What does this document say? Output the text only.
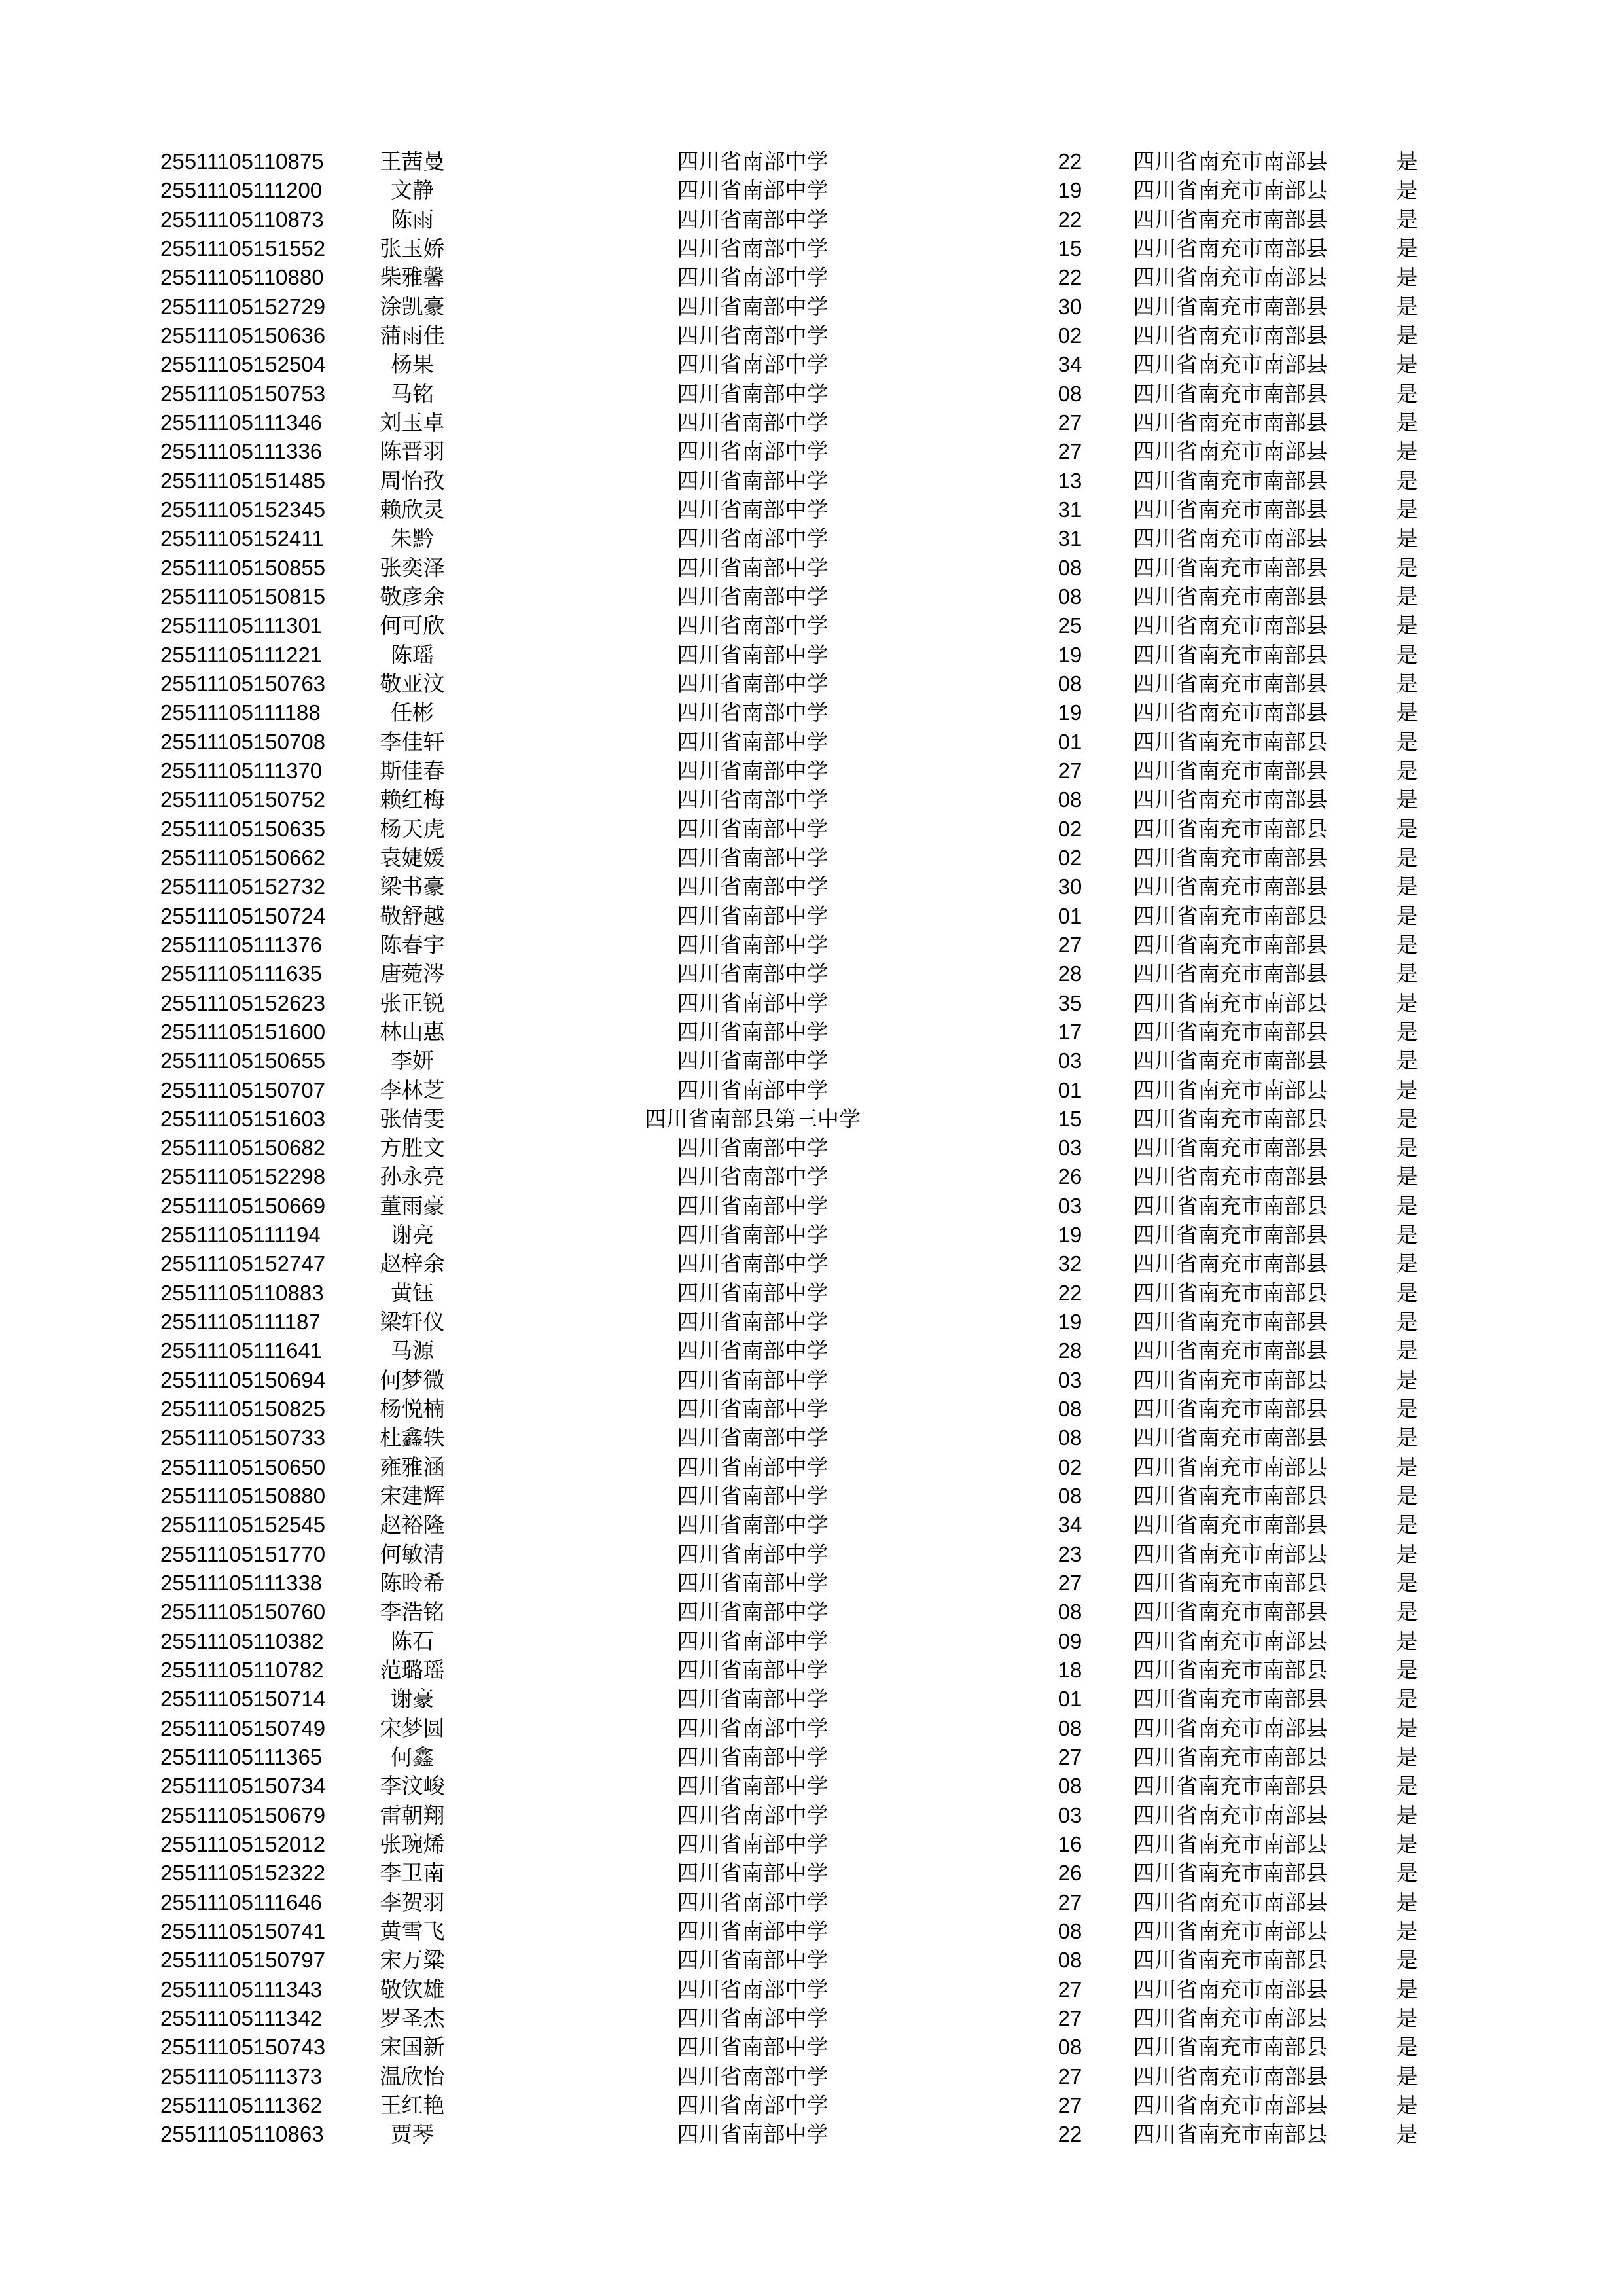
25511105110875	王茜曼	四川省南部中学	22	四川省南充市南部县	是
25511105111200	文静	四川省南部中学	19	四川省南充市南部县	是
25511105110873	陈雨	四川省南部中学	22	四川省南充市南部县	是
25511105151552	张玉娇	四川省南部中学	15	四川省南充市南部县	是
25511105110880	柴雅馨	四川省南部中学	22	四川省南充市南部县	是
25511105152729	涂凯豪	四川省南部中学	30	四川省南充市南部县	是
25511105150636	蒲雨佳	四川省南部中学	02	四川省南充市南部县	是
25511105152504	杨果	四川省南部中学	34	四川省南充市南部县	是
25511105150753	马铭	四川省南部中学	08	四川省南充市南部县	是
25511105111346	刘玉卓	四川省南部中学	27	四川省南充市南部县	是
25511105111336	陈晋羽	四川省南部中学	27	四川省南充市南部县	是
25511105151485	周怡孜	四川省南部中学	13	四川省南充市南部县	是
25511105152345	赖欣灵	四川省南部中学	31	四川省南充市南部县	是
25511105152411	朱黔	四川省南部中学	31	四川省南充市南部县	是
25511105150855	张奕泽	四川省南部中学	08	四川省南充市南部县	是
25511105150815	敬彦余	四川省南部中学	08	四川省南充市南部县	是
25511105111301	何可欣	四川省南部中学	25	四川省南充市南部县	是
25511105111221	陈瑶	四川省南部中学	19	四川省南充市南部县	是
25511105150763	敬亚汶	四川省南部中学	08	四川省南充市南部县	是
25511105111188	任彬	四川省南部中学	19	四川省南充市南部县	是
25511105150708	李佳轩	四川省南部中学	01	四川省南充市南部县	是
25511105111370	斯佳春	四川省南部中学	27	四川省南充市南部县	是
25511105150752	赖红梅	四川省南部中学	08	四川省南充市南部县	是
25511105150635	杨天虎	四川省南部中学	02	四川省南充市南部县	是
25511105150662	袁婕媛	四川省南部中学	02	四川省南充市南部县	是
25511105152732	梁书豪	四川省南部中学	30	四川省南充市南部县	是
25511105150724	敬舒越	四川省南部中学	01	四川省南充市南部县	是
25511105111376	陈春宇	四川省南部中学	27	四川省南充市南部县	是
25511105111635	唐菀涔	四川省南部中学	28	四川省南充市南部县	是
25511105152623	张正锐	四川省南部中学	35	四川省南充市南部县	是
25511105151600	林山惠	四川省南部中学	17	四川省南充市南部县	是
25511105150655	李妍	四川省南部中学	03	四川省南充市南部县	是
25511105150707	李林芝	四川省南部中学	01	四川省南充市南部县	是
25511105151603	张倩雯	四川省南部县第三中学	15	四川省南充市南部县	是
25511105150682	方胜文	四川省南部中学	03	四川省南充市南部县	是
25511105152298	孙永亮	四川省南部中学	26	四川省南充市南部县	是
25511105150669	董雨豪	四川省南部中学	03	四川省南充市南部县	是
25511105111194	谢亮	四川省南部中学	19	四川省南充市南部县	是
25511105152747	赵梓余	四川省南部中学	32	四川省南充市南部县	是
25511105110883	黄钰	四川省南部中学	22	四川省南充市南部县	是
25511105111187	梁轩仪	四川省南部中学	19	四川省南充市南部县	是
25511105111641	马源	四川省南部中学	28	四川省南充市南部县	是
25511105150694	何梦微	四川省南部中学	03	四川省南充市南部县	是
25511105150825	杨悦楠	四川省南部中学	08	四川省南充市南部县	是
25511105150733	杜鑫轶	四川省南部中学	08	四川省南充市南部县	是
25511105150650	雍雅涵	四川省南部中学	02	四川省南充市南部县	是
25511105150880	宋建辉	四川省南部中学	08	四川省南充市南部县	是
25511105152545	赵裕隆	四川省南部中学	34	四川省南充市南部县	是
25511105151770	何敏清	四川省南部中学	23	四川省南充市南部县	是
25511105111338	陈昤希	四川省南部中学	27	四川省南充市南部县	是
25511105150760	李浩铭	四川省南部中学	08	四川省南充市南部县	是
25511105110382	陈石	四川省南部中学	09	四川省南充市南部县	是
25511105110782	范璐瑶	四川省南部中学	18	四川省南充市南部县	是
25511105150714	谢豪	四川省南部中学	01	四川省南充市南部县	是
25511105150749	宋梦圆	四川省南部中学	08	四川省南充市南部县	是
25511105111365	何鑫	四川省南部中学	27	四川省南充市南部县	是
25511105150734	李汶峻	四川省南部中学	08	四川省南充市南部县	是
25511105150679	雷朝翔	四川省南部中学	03	四川省南充市南部县	是
25511105152012	张琬烯	四川省南部中学	16	四川省南充市南部县	是
25511105152322	李卫南	四川省南部中学	26	四川省南充市南部县	是
25511105111646	李贺羽	四川省南部中学	27	四川省南充市南部县	是
25511105150741	黄雪飞	四川省南部中学	08	四川省南充市南部县	是
25511105150797	宋万粱	四川省南部中学	08	四川省南充市南部县	是
25511105111343	敬钦雄	四川省南部中学	27	四川省南充市南部县	是
25511105111342	罗圣杰	四川省南部中学	27	四川省南充市南部县	是
25511105150743	宋国新	四川省南部中学	08	四川省南充市南部县	是
25511105111373	温欣怡	四川省南部中学	27	四川省南充市南部县	是
25511105111362	王红艳	四川省南部中学	27	四川省南充市南部县	是
25511105110863	贾琴	四川省南部中学	22	四川省南充市南部县	是
